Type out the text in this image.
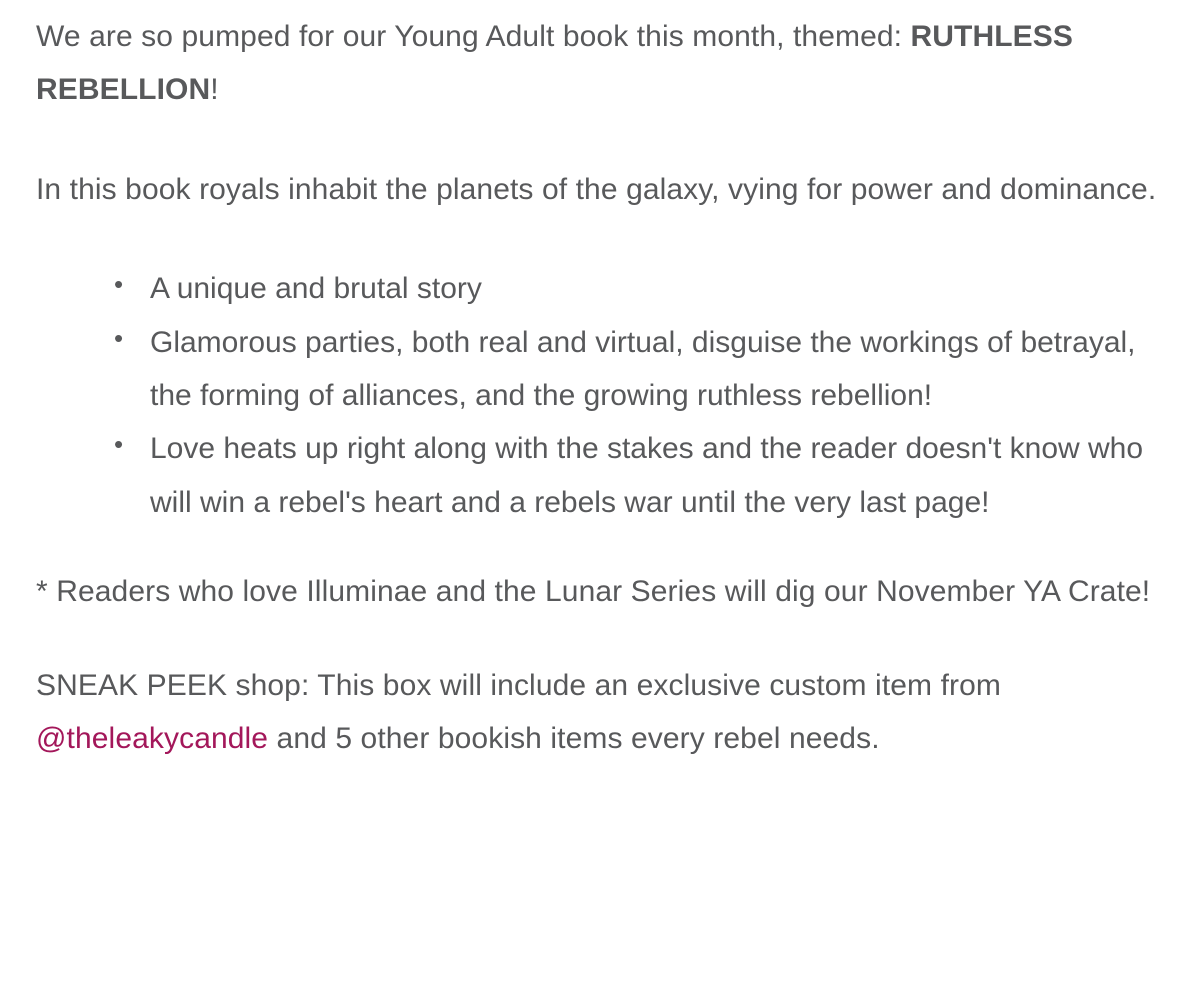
We are so pumped for our Young Adult book this month, themed: RUTHLESS REBELLION!

In this book royals inhabit the planets of the galaxy, vying for power and dominance.

• A unique and brutal story
• Glamorous parties, both real and virtual, disguise the workings of betrayal, the forming of alliances, and the growing ruthless rebellion!
• Love heats up right along with the stakes and the reader doesn't know who will win a rebel's heart and a rebels war until the very last page!

* Readers who love Illuminae and the Lunar Series will dig our November YA Crate!

SNEAK PEEK shop: This box will include an exclusive custom item from @theleakycandle and 5 other bookish items every rebel needs.
